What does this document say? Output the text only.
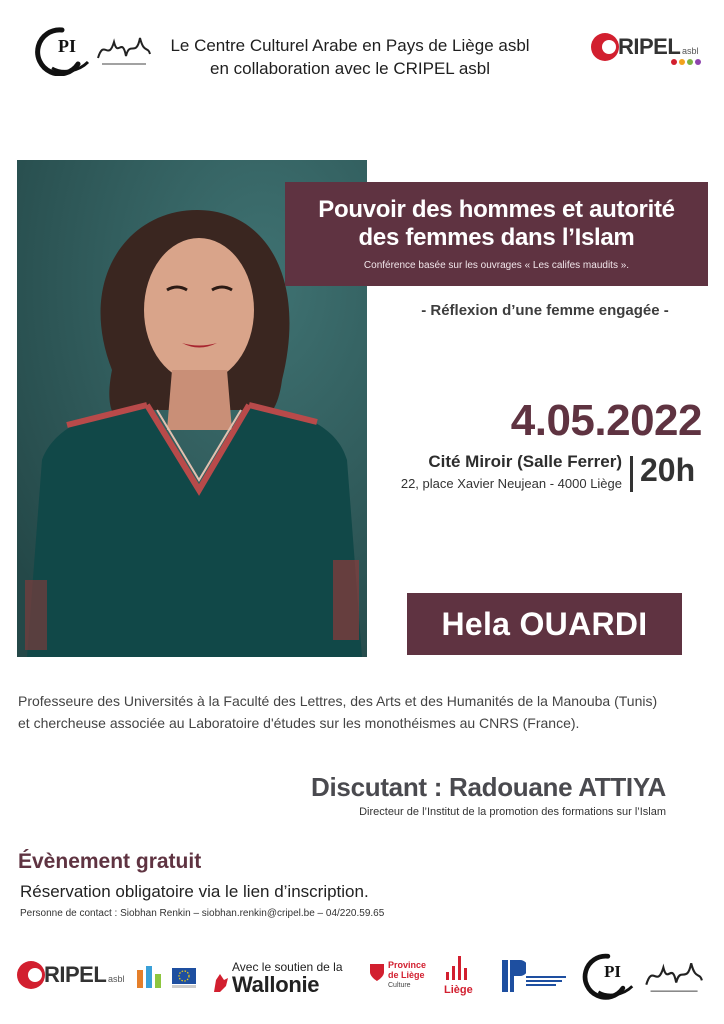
PI	Le Centre Culturel Arabe en Pays de Liège asbl
en collaboration avec le CRIPEL asbl
RIPEL asbl
Pouvoir des hommes et autorité
des femmes dans l’Islam
Conférence basée sur les ouvrages « Les califes maudits ».
- Réflexion d’une femme engagée -
4.05.2022
Cité Miroir (Salle Ferrer)
22, place Xavier Neujean - 4000 Liège 20h
Hela OUARDI
Professeure des Universités à la Faculté des Lettres, des Arts et des Humanités de la Manouba (Tunis)
et chercheuse associée au Laboratoire d'études sur les monothéismes au CNRS (France).
Discutant : Radouane ATTIYA
Directeur de l’Institut de la promotion des formations sur l’Islam
Évènement gratuit
Réservation obligatoire via le lien d’inscription.
Personne de contact : Siobhan Renkin – siobhan.renkin@cripel.be – 04/220.59.65
RIPEL asbl
Avec le soutien de la
Wallonie
Province
de Liège
Culture	Liège
PI
